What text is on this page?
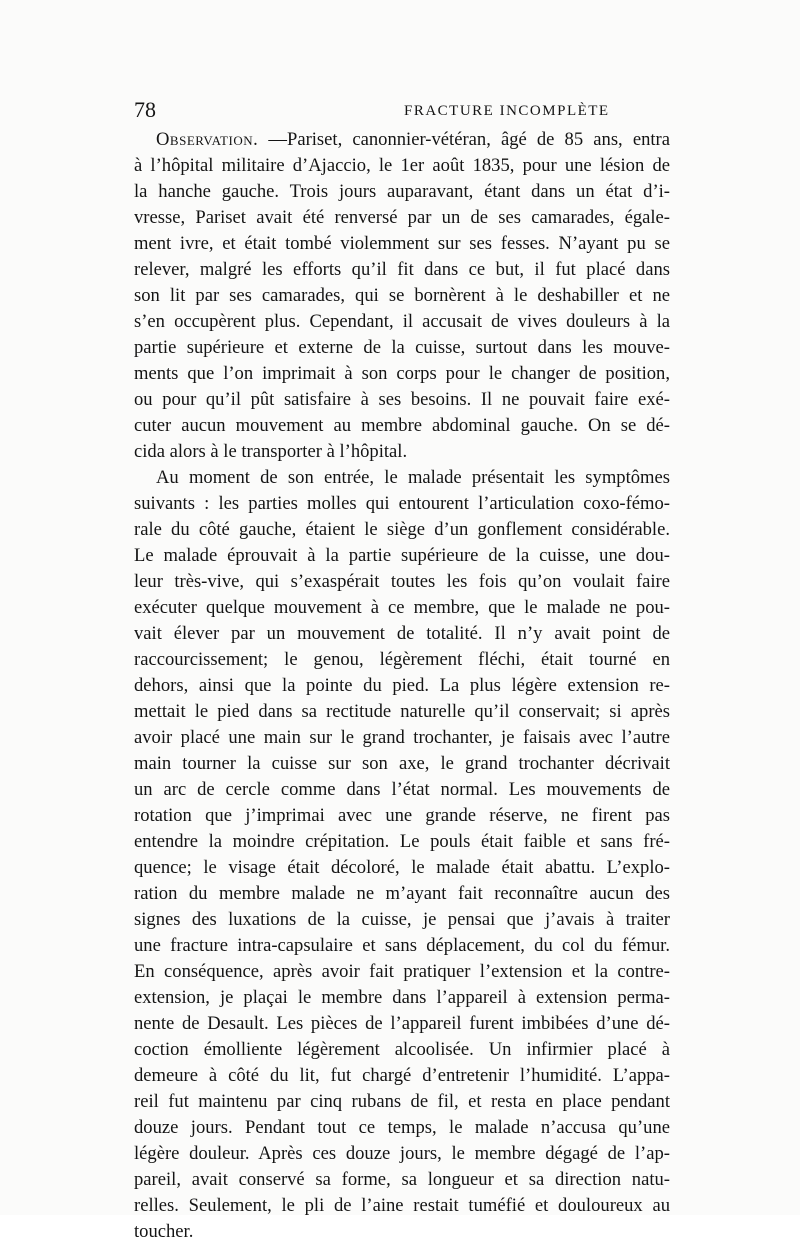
78	FRACTURE INCOMPLÈTE
Observation. —Pariset, canonnier-vétéran, âgé de 85 ans, entra
à l’hôpital militaire d’Ajaccio, le 1er août 1835, pour une lésion de
la hanche gauche. Trois jours auparavant, étant dans un état d’i-
vresse, Pariset avait été renversé par un de ses camarades, égale-
ment ivre, et était tombé violemment sur ses fesses. N’ayant pu se
relever, malgré les efforts qu’il fit dans ce but, il fut placé dans
son lit par ses camarades, qui se bornèrent à le deshabiller et ne
s’en occupèrent plus. Cependant, il accusait de vives douleurs à la
partie supérieure et externe de la cuisse, surtout dans les mouve-
ments que l’on imprimait à son corps pour le changer de position,
ou pour qu’il pût satisfaire à ses besoins. Il ne pouvait faire exé-
cuter aucun mouvement au membre abdominal gauche. On se dé-
cida alors à le transporter à l’hôpital.
Au moment de son entrée, le malade présentait les symptômes
suivants : les parties molles qui entourent l’articulation coxo-fémo-
rale du côté gauche, étaient le siège d’un gonflement considérable.
Le malade éprouvait à la partie supérieure de la cuisse, une dou-
leur très-vive, qui s’exaspérait toutes les fois qu’on voulait faire
exécuter quelque mouvement à ce membre, que le malade ne pou-
vait élever par un mouvement de totalité. Il n’y avait point de
raccourcissement; le genou, légèrement fléchi, était tourné en
dehors, ainsi que la pointe du pied. La plus légère extension re-
mettait le pied dans sa rectitude naturelle qu’il conservait; si après
avoir placé une main sur le grand trochanter, je faisais avec l’autre
main tourner la cuisse sur son axe, le grand trochanter décrivait
un arc de cercle comme dans l’état normal. Les mouvements de
rotation que j’imprimai avec une grande réserve, ne firent pas
entendre la moindre crépitation. Le pouls était faible et sans fré-
quence; le visage était décoloré, le malade était abattu. L’explo-
ration du membre malade ne m’ayant fait reconnaître aucun des
signes des luxations de la cuisse, je pensai que j’avais à traiter
une fracture intra-capsulaire et sans déplacement, du col du fémur.
En conséquence, après avoir fait pratiquer l’extension et la contre-
extension, je plaçai le membre dans l’appareil à extension perma-
nente de Desault. Les pièces de l’appareil furent imbibées d’une dé-
coction émolliente légèrement alcoolisée. Un infirmier placé à
demeure à côté du lit, fut chargé d’entretenir l’humidité. L’appa-
reil fut maintenu par cinq rubans de fil, et resta en place pendant
douze jours. Pendant tout ce temps, le malade n’accusa qu’une
légère douleur. Après ces douze jours, le membre dégagé de l’ap-
pareil, avait conservé sa forme, sa longueur et sa direction natu-
relles. Seulement, le pli de l’aine restait tuméfié et douloureux au
toucher.
